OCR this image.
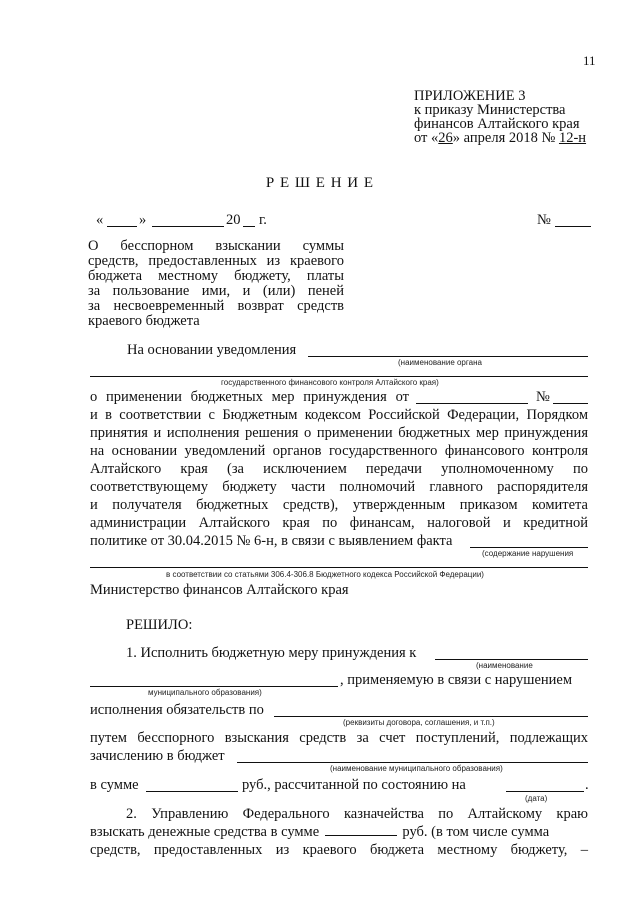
11
ПРИЛОЖЕНИЕ 3
к приказу Министерства
финансов Алтайского края
от «26» апреля 2018 № 12-н
Р Е Ш Е Н И Е
« »	20 г.	№
О бесспорном взыскании суммы
средств, предоставленных из краевого
бюджета местному бюджету, платы
за пользование ими, и (или) пеней
за несвоевременный возврат средств
краевого бюджета
На основании уведомления
(наименование органа
государственного финансового контроля Алтайского края)
о применении бюджетных мер принуждения от	№
и в соответствии с Бюджетным кодексом Российской Федерации, Порядком
принятия и исполнения решения о применении бюджетных мер принуждения
на основании уведомлений органов государственного финансового контроля
Алтайского края (за исключением передачи уполномоченному по
соответствующему бюджету части полномочий главного распорядителя
и получателя бюджетных средств), утвержденным приказом комитета
администрации Алтайского края по финансам, налоговой и кредитной
политике от 30.04.2015 № 6-н, в связи с выявлением факта
(содержание нарушения
в соответствии со статьями 306.4-306.8 Бюджетного кодекса Российской Федерации)
Министерство финансов Алтайского края
РЕШИЛО:
1. Исполнить бюджетную меру принуждения к
(наименование
, применяемую в связи с нарушением
муниципального образования)
исполнения обязательств по
(реквизиты договора, соглашения, и т.п.)
путем бесспорного взыскания средств за счет поступлений, подлежащих
зачислению в бюджет
(наименование муниципального образования)
в сумме	руб., рассчитанной по состоянию на	.
(дата)
2. Управлению Федерального казначейства по Алтайскому краю
взыскать денежные средства в сумме	руб. (в том числе сумма
средств, предоставленных из краевого бюджета местному бюджету, –
